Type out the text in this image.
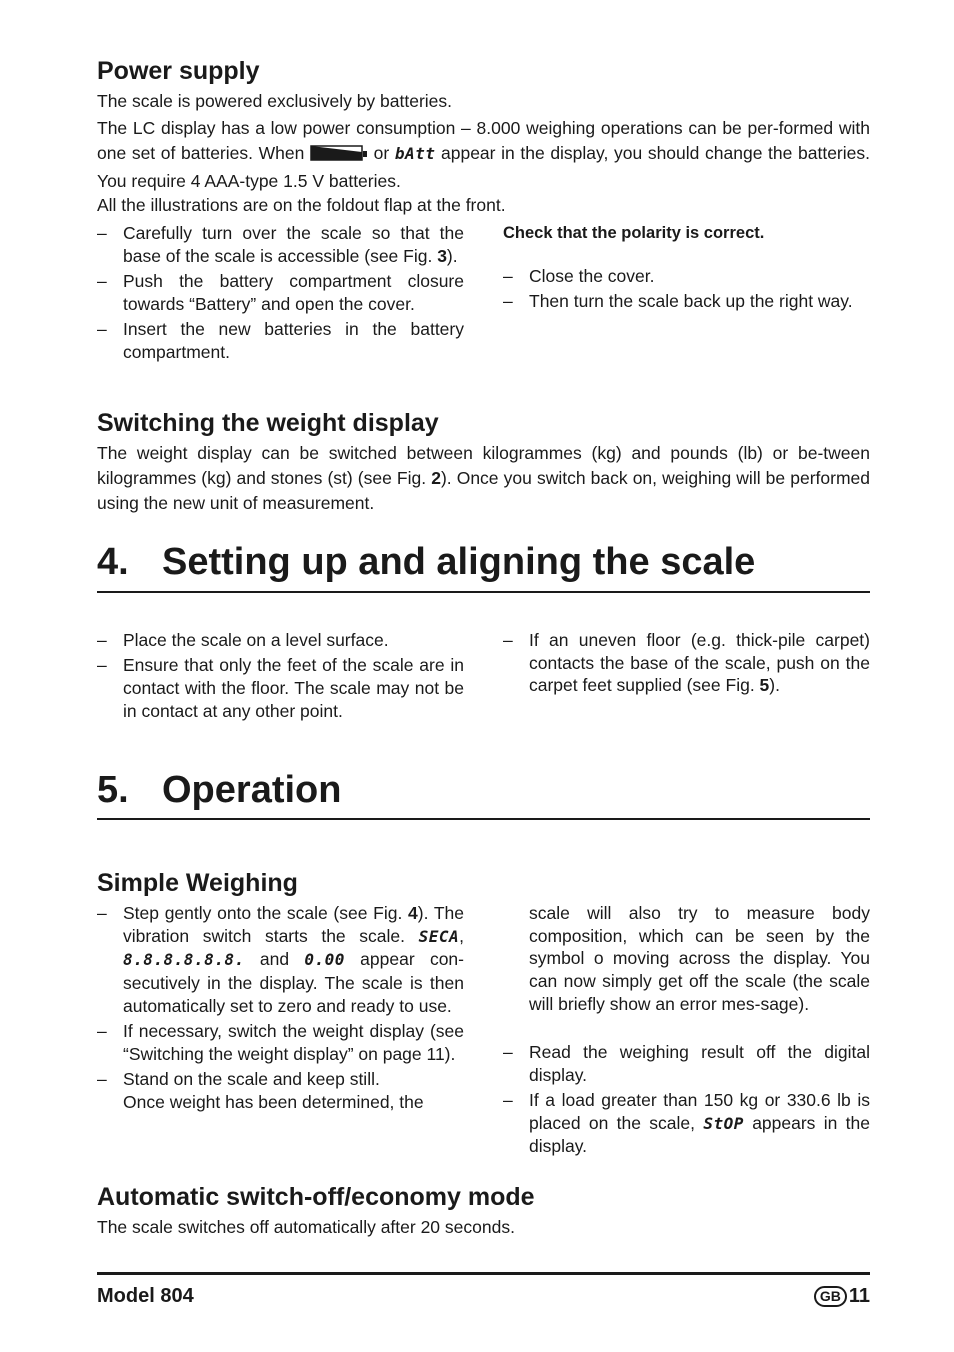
Power supply

The scale is powered exclusively by batteries.

The LC display has a low power consumption – 8.000 weighing operations can be per-formed with one set of batteries. When	or bAtt appear in the display, you should change the batteries. You require 4 AAA-type 1.5 V batteries.

All the illustrations are on the foldout flap at the front.

– Carefully turn over the scale so that the base of the scale is accessible (see Fig. 3).
– Push the battery compartment closure towards “Battery” and open the cover.
– Insert the new batteries in the battery compartment.

Check that the polarity is correct.

– Close the cover.
– Then turn the scale back up the right way.
Switching the weight display

The weight display can be switched between kilogrammes (kg) and pounds (lb) or be-tween kilogrammes (kg) and stones (st) (see Fig. 2). Once you switch back on, weighing will be performed using the new unit of measurement.

4. Setting up and aligning the scale
– Place the scale on a level surface.
– Ensure that only the feet of the scale are in contact with the floor. The scale may not be in contact at any other point.
– If an uneven floor (e.g. thick-pile carpet) contacts the base of the scale, push on the carpet feet supplied (see Fig. 5).
5. Operation
Simple Weighing
– Step gently onto the scale (see Fig. 4). The vibration switch starts the scale. SECA, 8.8.8.8.8.8. and 0.00 appear con-secutively in the display. The scale is then automatically set to zero and ready to use.
– If necessary, switch the weight display (see “Switching the weight display” on page 11).
– Stand on the scale and keep still.
Once weight has been determined, the

scale will also try to measure body composition, which can be seen by the symbol o moving across the display. You can now simply get off the scale (the scale will briefly show an error mes-sage).

– Read the weighing result off the digital display.
– If a load greater than 150 kg or 330.6 lb is placed on the scale, StOP appears in the display.
Automatic switch-off/economy mode

The scale switches off automatically after 20 seconds.

Model 804	GB 11
